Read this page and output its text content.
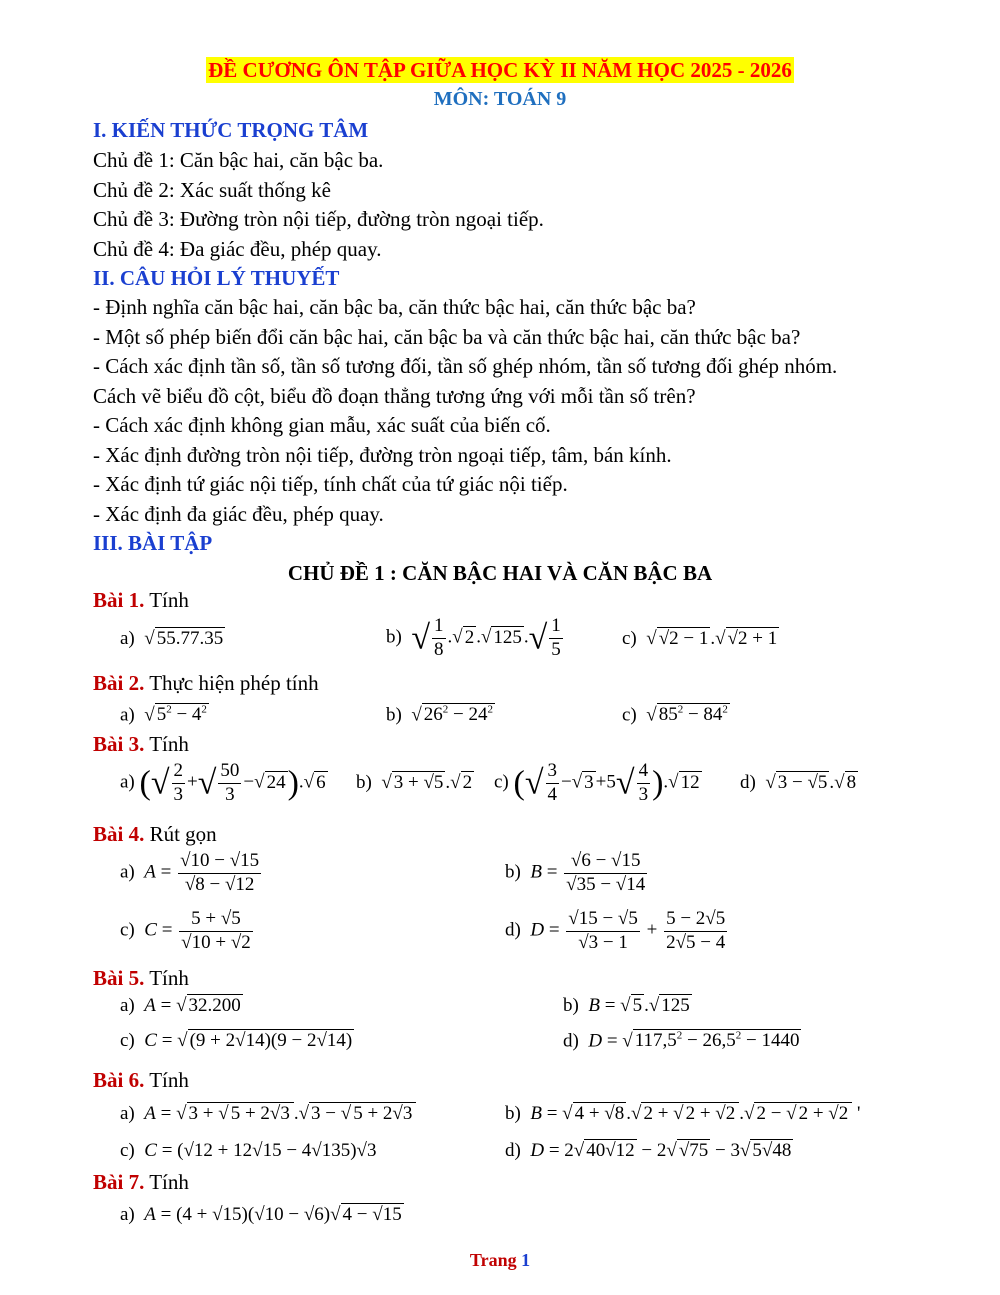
ĐỀ CƯƠNG ÔN TẬP GIỮA HỌC KỲ II NĂM HỌC 2025 - 2026
MÔN: TOÁN 9
I. KIẾN THỨC TRỌNG TÂM
Chủ đề 1: Căn bậc hai, căn bậc ba.
Chủ đề 2: Xác suất thống kê
Chủ đề 3: Đường tròn nội tiếp, đường tròn ngoại tiếp.
Chủ đề 4: Đa giác đều, phép quay.
II. CÂU HỎI LÝ THUYẾT
- Định nghĩa căn bậc hai, căn bậc ba, căn thức bậc hai, căn thức bậc ba?
- Một số phép biến đổi căn bậc hai, căn bậc ba và căn thức bậc hai, căn thức bậc ba?
- Cách xác định tần số, tần số tương đối, tần số ghép nhóm, tần số tương đối ghép nhóm.
Cách vẽ biểu đồ cột, biểu đồ đoạn thẳng tương ứng với mỗi tần số trên?
- Cách xác định không gian mẫu, xác suất của biến cố.
- Xác định đường tròn nội tiếp, đường tròn ngoại tiếp, tâm, bán kính.
- Xác định tứ giác nội tiếp, tính chất của tứ giác nội tiếp.
- Xác định đa giác đều, phép quay.
III. BÀI TẬP
CHỦ ĐỀ 1 : CĂN BẬC HAI VÀ CĂN BẬC BA
Bài 1. Tính
a)  √ 55.77.35	b)  √ $\frac{1}{8}$ .√ 2 .√ 125 .√ $\frac{1}{5}$	c)  √ √2 − 1 .√ √2 + 1
Bài 2. Thực hiện phép tính
a)  √ $5^2 - 4^2$	b)  √ $26^2 - 24^2$	c)  √ $85^2 - 84^2$
Bài 3. Tính
a) (√ $\frac{2}{3}$ +√ $\frac{50}{3}$ −√ 24).√ 6 b)  √ 3 + √5 .√ 2 c) (√ $\frac{3}{4}$ −√ $3 +5√ \frac{4}{3}$ ).√ 12 d)  √ 3 − √5 .√ 8
Bài 4. Rút gọn
a)  $A = \frac{√10 - √15}{√8 - √12}$	b)  $B = \frac{√6 - √15}{√35 - √14}$
c)  $C = \frac{5 + √5}{√10 + √2}$	d)  $D = \frac{√15 - √5}{√3 - 1} + \frac{5 - 2√5}{2√5 - 4}$
Bài 5. Tính
a)  A = √ 32.200	b)  B = √ 5 .√ 125
c)  C = √ (9 + 2√14)(9 − 2√14)	d)  D = √ $117,5^2 - 26,5^2 - 1440$
Bài 6. Tính
a)  A = √ 3 + √ 5 + 2√3 .√ 3 − √ 5 + 2√3	b)  B = √ 4 + √8 .√ 2 + √ 2 + √2 .√ 2 − √ 2 + √2 '
c)  C = (√12 + 12√15 − 4√135)√3	d)  D = 2√ 40√12 − 2√ √75 − 3√ 5√48
Bài 7. Tính
a)  A = (4 + √15)(√10 − √6)√ 4 − √15
Trang 1
